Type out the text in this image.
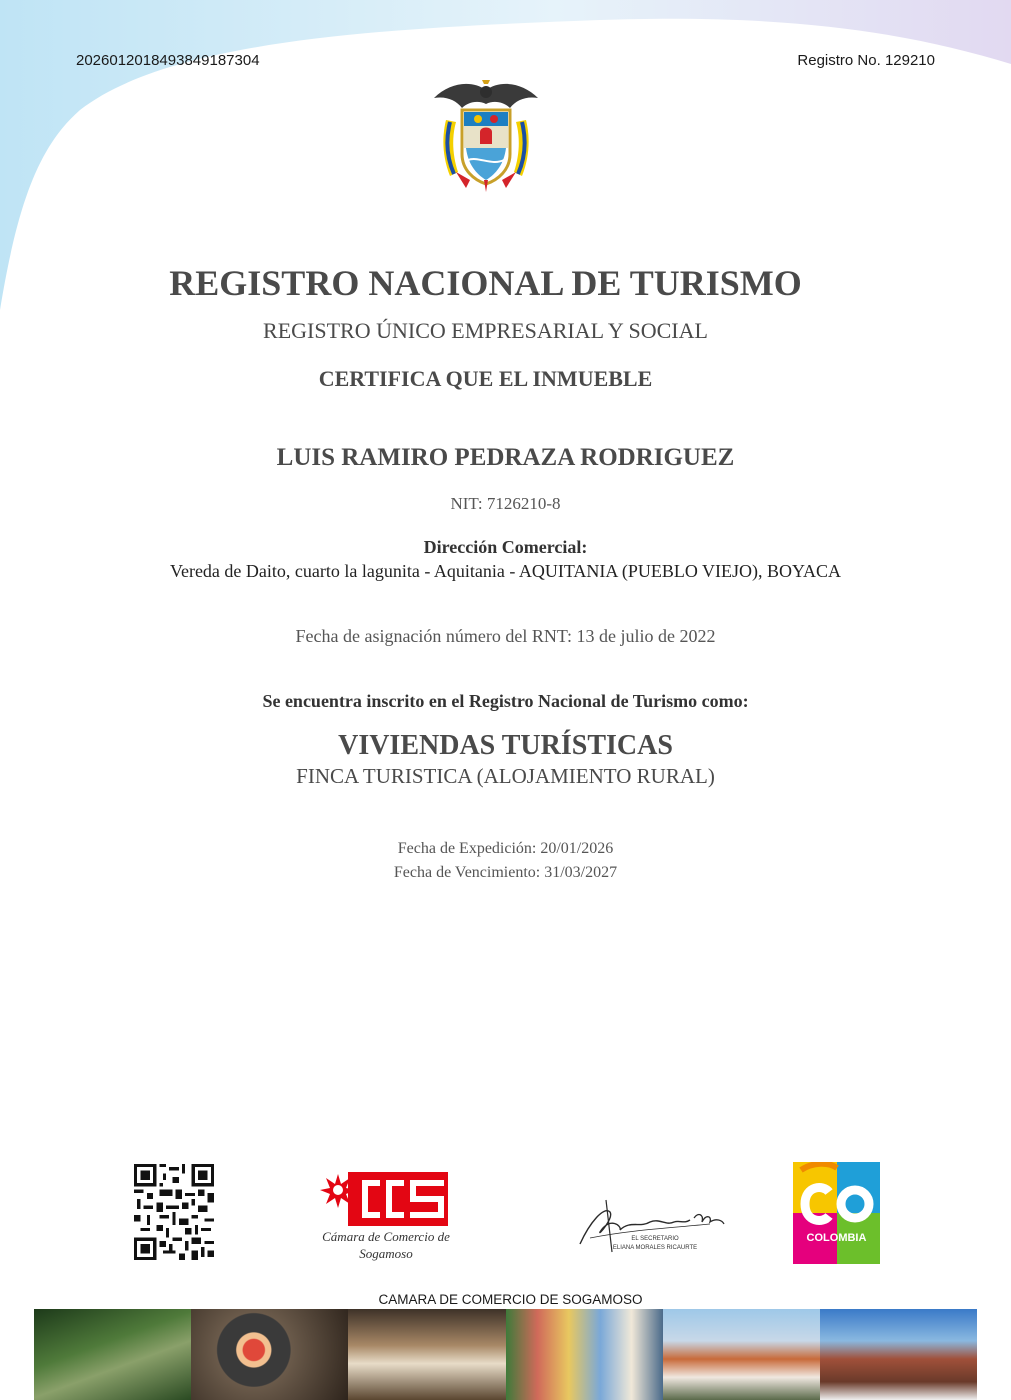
2026012018493849187304	Registro No. 129210
REGISTRO NACIONAL DE TURISMO
REGISTRO ÚNICO EMPRESARIAL Y SOCIAL
CERTIFICA QUE EL INMUEBLE
LUIS RAMIRO PEDRAZA RODRIGUEZ
NIT: 7126210-8
Dirección Comercial:
Vereda de Daito, cuarto la lagunita - Aquitania - AQUITANIA (PUEBLO VIEJO), BOYACA
Fecha de asignación número del RNT: 13 de julio de 2022
Se encuentra inscrito en el Registro Nacional de Turismo como:
VIVIENDAS TURÍSTICAS
FINCA TURISTICA (ALOJAMIENTO RURAL)
Fecha de Expedición: 20/01/2026
Fecha de Vencimiento: 31/03/2027
Cámara de Comercio de Sogamoso
EL SECRETARIO
ELIANA MORALES RICAURTE
COLOMBIA
CAMARA DE COMERCIO DE SOGAMOSO
